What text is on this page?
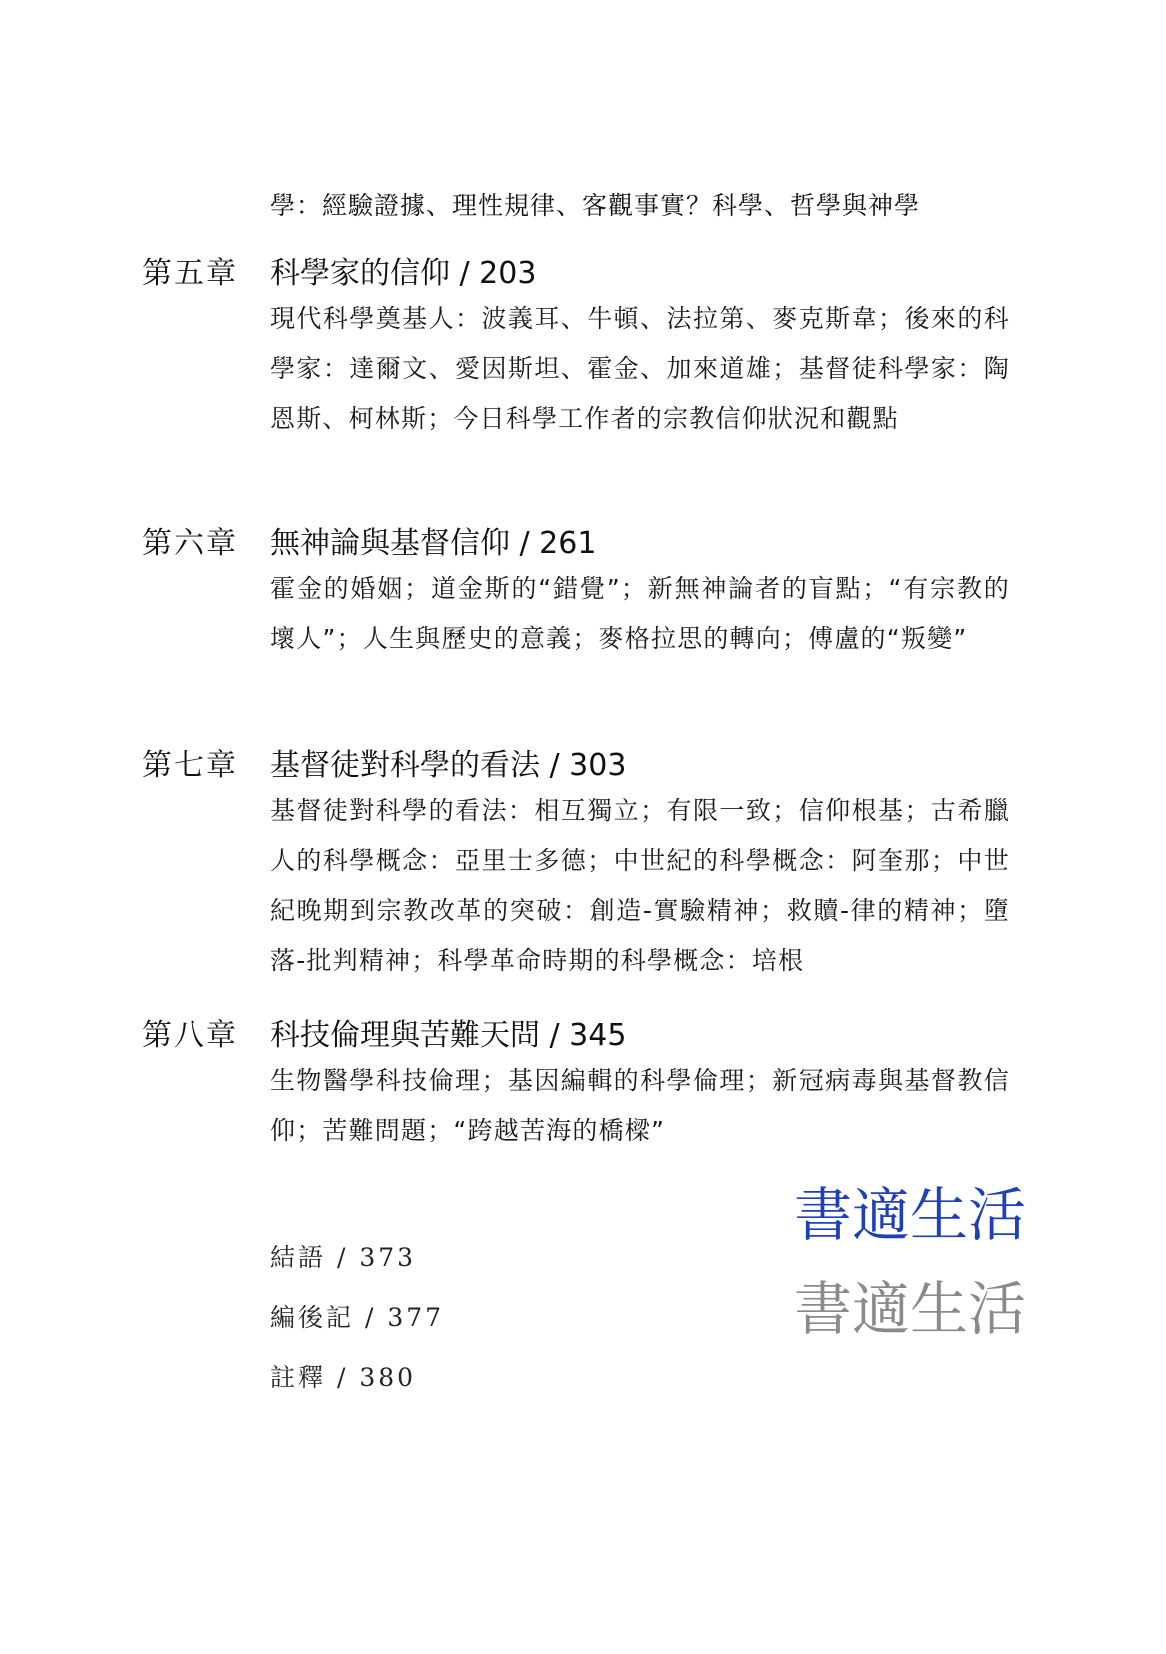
學：經驗證據、理性規律、客觀事實？科學、哲學與神學
第五章 科學家的信仰 / 203
現代科學奠基人：波義耳、牛頓、法拉第、麥克斯韋；後來的科學家：達爾文、愛因斯坦、霍金、加來道雄；基督徒科學家：陶恩斯、柯林斯；今日科學工作者的宗教信仰狀況和觀點
第六章 無神論與基督信仰 / 261
霍金的婚姻；道金斯的“錯覺”；新無神論者的盲點；“有宗教的壞人”；人生與歷史的意義；麥格拉思的轉向；傅盧的“叛變”
第七章 基督徒對科學的看法 / 303
基督徒對科學的看法：相互獨立；有限一致；信仰根基；古希臘人的科學概念：亞里士多德；中世紀的科學概念：阿奎那；中世紀晚期到宗教改革的突破：創造-實驗精神；救贖-律的精神；墮落-批判精神；科學革命時期的科學概念：培根
第八章 科技倫理與苦難天問 / 345
生物醫學科技倫理；基因編輯的科學倫理；新冠病毒與基督教信仰；苦難問題；“跨越苦海的橋樑”
書適生活
書適生活
結語 / 373
編後記 / 377
註釋 / 380
